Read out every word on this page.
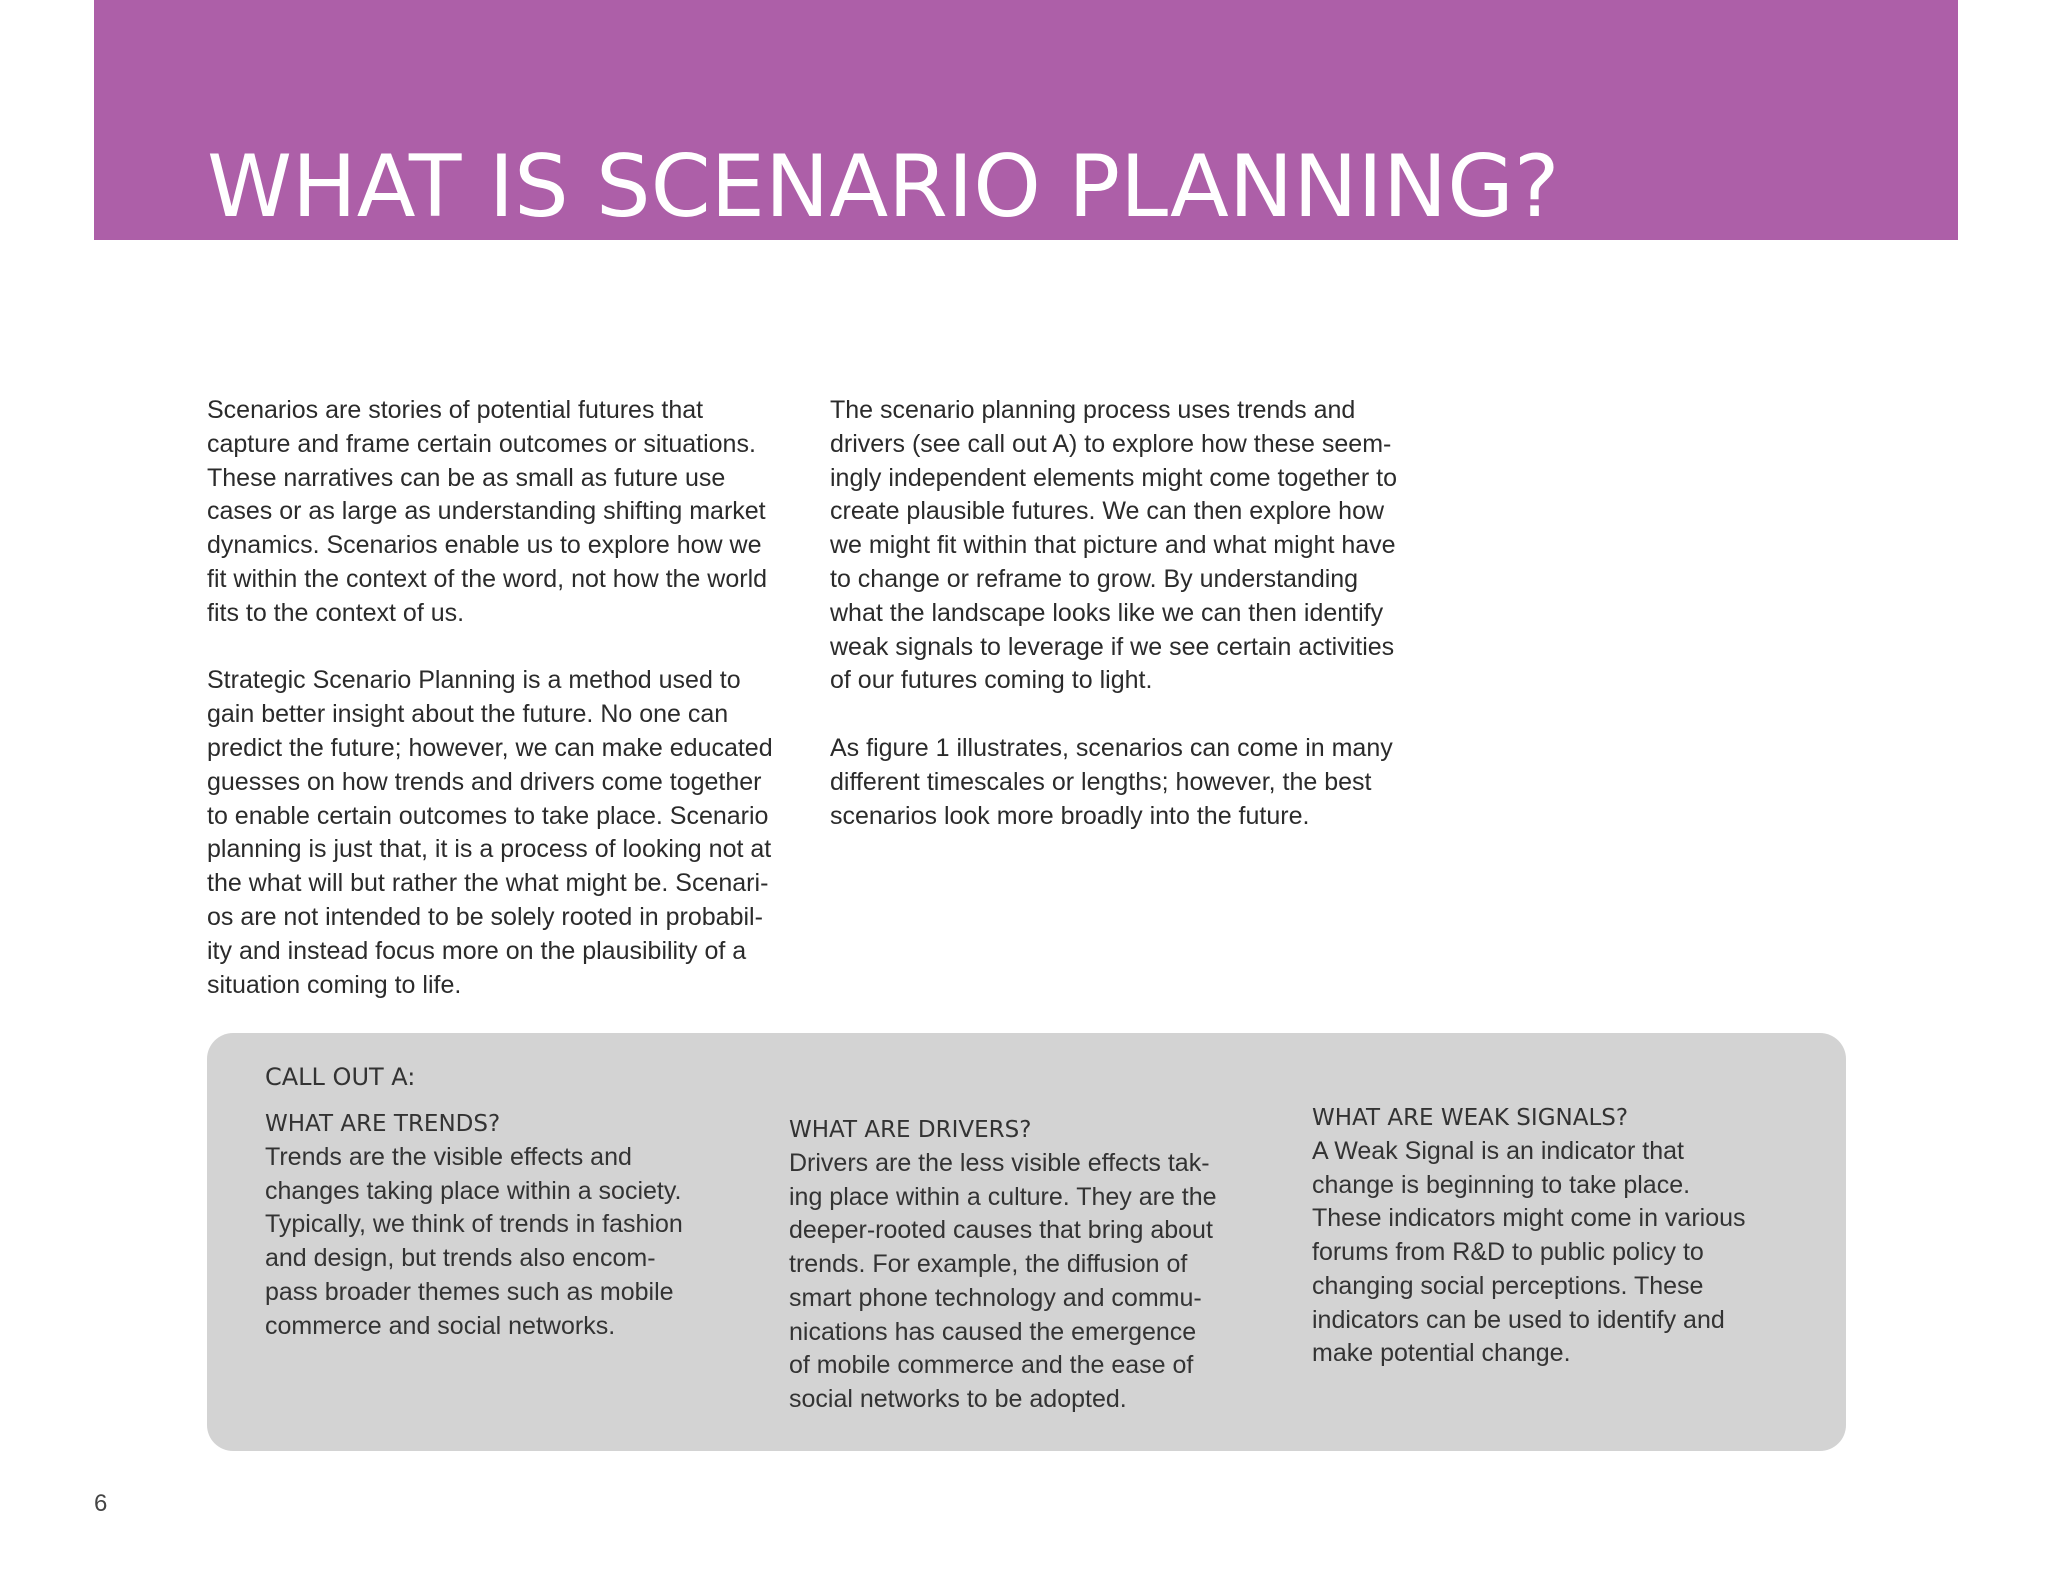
WHAT IS SCENARIO PLANNING?

Scenarios are stories of potential futures that
capture and frame certain outcomes or situations.
These narratives can be as small as future use
cases or as large as understanding shifting market
dynamics. Scenarios enable us to explore how we
fit within the context of the word, not how the world
fits to the context of us.

Strategic Scenario Planning is a method used to
gain better insight about the future. No one can
predict the future; however, we can make educated
guesses on how trends and drivers come together
to enable certain outcomes to take place. Scenario
planning is just that, it is a process of looking not at
the what will but rather the what might be. Scenari-
os are not intended to be solely rooted in probabil-
ity and instead focus more on the plausibility of a
situation coming to life.

The scenario planning process uses trends and
drivers (see call out A) to explore how these seem-
ingly independent elements might come together to
create plausible futures. We can then explore how
we might fit within that picture and what might have
to change or reframe to grow. By understanding
what the landscape looks like we can then identify
weak signals to leverage if we see certain activities
of our futures coming to light.

As figure 1 illustrates, scenarios can come in many
different timescales or lengths; however, the best
scenarios look more broadly into the future.

CALL OUT A:
WHAT ARE TRENDS?

Trends are the visible effects and
changes taking place within a society.
Typically, we think of trends in fashion
and design, but trends also encom-
pass broader themes such as mobile
commerce and social networks.

WHAT ARE DRIVERS?

Drivers are the less visible effects tak-
ing place within a culture. They are the
deeper-rooted causes that bring about
trends. For example, the diffusion of
smart phone technology and commu-
nications has caused the emergence
of mobile commerce and the ease of
social networks to be adopted.

WHAT ARE WEAK SIGNALS?

A Weak Signal is an indicator that
change is beginning to take place.
These indicators might come in various
forums from R&D to public policy to
changing social perceptions. These
indicators can be used to identify and
make potential change.

6
